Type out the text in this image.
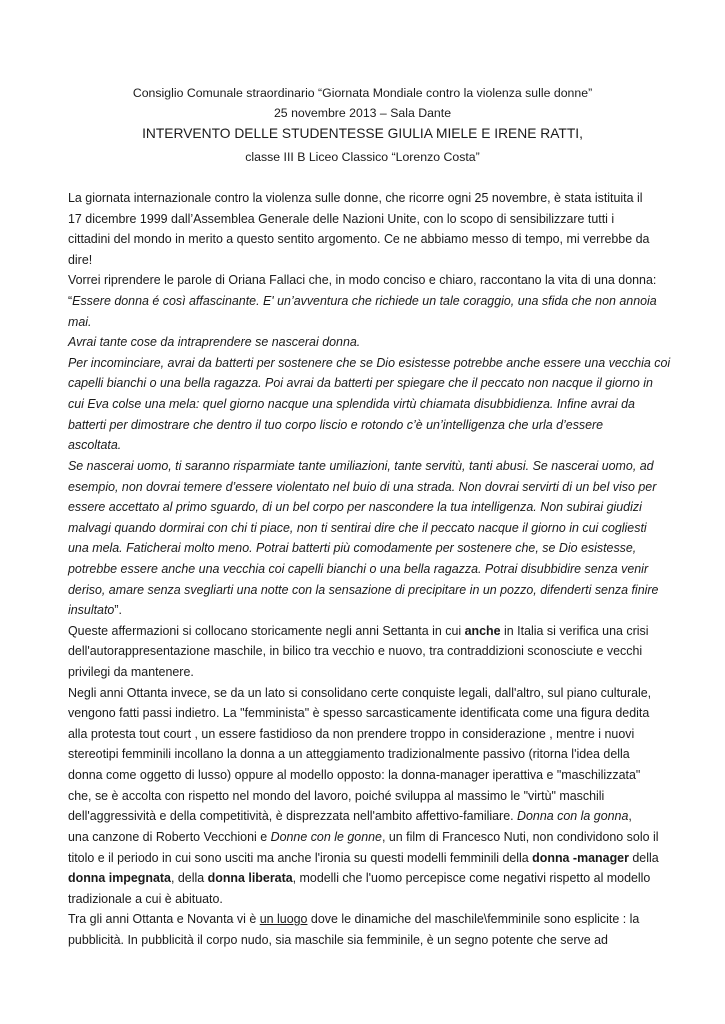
Consiglio Comunale straordinario “Giornata Mondiale contro la violenza sulle donne”
25 novembre 2013 – Sala Dante
INTERVENTO DELLE STUDENTESSE GIULIA MIELE E IRENE RATTI,
classe III B Liceo Classico “Lorenzo Costa”
La giornata internazionale contro la violenza sulle donne, che ricorre ogni 25 novembre, è stata istituita il
17 dicembre 1999 dall’Assemblea Generale delle Nazioni Unite, con lo scopo di sensibilizzare tutti i
cittadini del mondo in merito a questo sentito argomento. Ce ne abbiamo messo di tempo, mi verrebbe da
dire!
Vorrei riprendere le parole di Oriana Fallaci che, in modo conciso e chiaro, raccontano la vita di una donna:
“Essere donna é così affascinante. E' un’avventura che richiede un tale coraggio, una sfida che non annoia
mai.
Avrai tante cose da intraprendere se nascerai donna.
Per incominciare, avrai da batterti per sostenere che se Dio esistesse potrebbe anche essere una vecchia coi
capelli bianchi o una bella ragazza. Poi avrai da batterti per spiegare che il peccato non nacque il giorno in
cui Eva colse una mela: quel giorno nacque una splendida virtù chiamata disubbidienza. Infine avrai da
batterti per dimostrare che dentro il tuo corpo liscio e rotondo c’è un’intelligenza che urla d’essere
ascoltata.
Se nascerai uomo, ti saranno risparmiate tante umiliazioni, tante servitù, tanti abusi. Se nascerai uomo, ad
esempio, non dovrai temere d’essere violentato nel buio di una strada. Non dovrai servirti di un bel viso per
essere accettato al primo sguardo, di un bel corpo per nascondere la tua intelligenza. Non subirai giudizi
malvagi quando dormirai con chi ti piace, non ti sentirai dire che il peccato nacque il giorno in cui cogliesti
una mela. Faticherai molto meno. Potrai batterti più comodamente per sostenere che, se Dio esistesse,
potrebbe essere anche una vecchia coi capelli bianchi o una bella ragazza. Potrai disubbidire senza venir
deriso, amare senza svegliarti una notte con la sensazione di precipitare in un pozzo, difenderti senza finire
insultato”.
Queste affermazioni si collocano storicamente negli anni Settanta in cui anche in Italia si verifica una crisi
dell'autorappresentazione maschile, in bilico tra vecchio e nuovo, tra contraddizioni sconosciute e vecchi
privilegi da mantenere.
Negli anni Ottanta invece, se da un lato si consolidano certe conquiste legali, dall'altro, sul piano culturale,
vengono fatti passi indietro. La "femminista" è spesso sarcasticamente identificata come una figura dedita
alla protesta tout court , un essere fastidioso da non prendere troppo in considerazione , mentre i nuovi
stereotipi femminili incollano la donna a un atteggiamento tradizionalmente passivo (ritorna l'idea della
donna come oggetto di lusso) oppure al modello opposto: la donna-manager iperattiva e "maschilizzata"
che, se è accolta con rispetto nel mondo del lavoro, poiché sviluppa al massimo le "virtù" maschili
dell'aggressività e della competitività, è disprezzata nell'ambito affettivo-familiare. Donna con la gonna,
una canzone di Roberto Vecchioni e Donne con le gonne, un film di Francesco Nuti, non condividono solo il
titolo e il periodo in cui sono usciti ma anche l'ironia su questi modelli femminili della donna -manager della
donna impegnata, della donna liberata, modelli che l'uomo percepisce come negativi rispetto al modello
tradizionale a cui è abituato.
Tra gli anni Ottanta e Novanta vi è un luogo dove le dinamiche del maschile\femminile sono esplicite : la
pubblicità. In pubblicità il corpo nudo, sia maschile sia femminile, è un segno potente che serve ad
